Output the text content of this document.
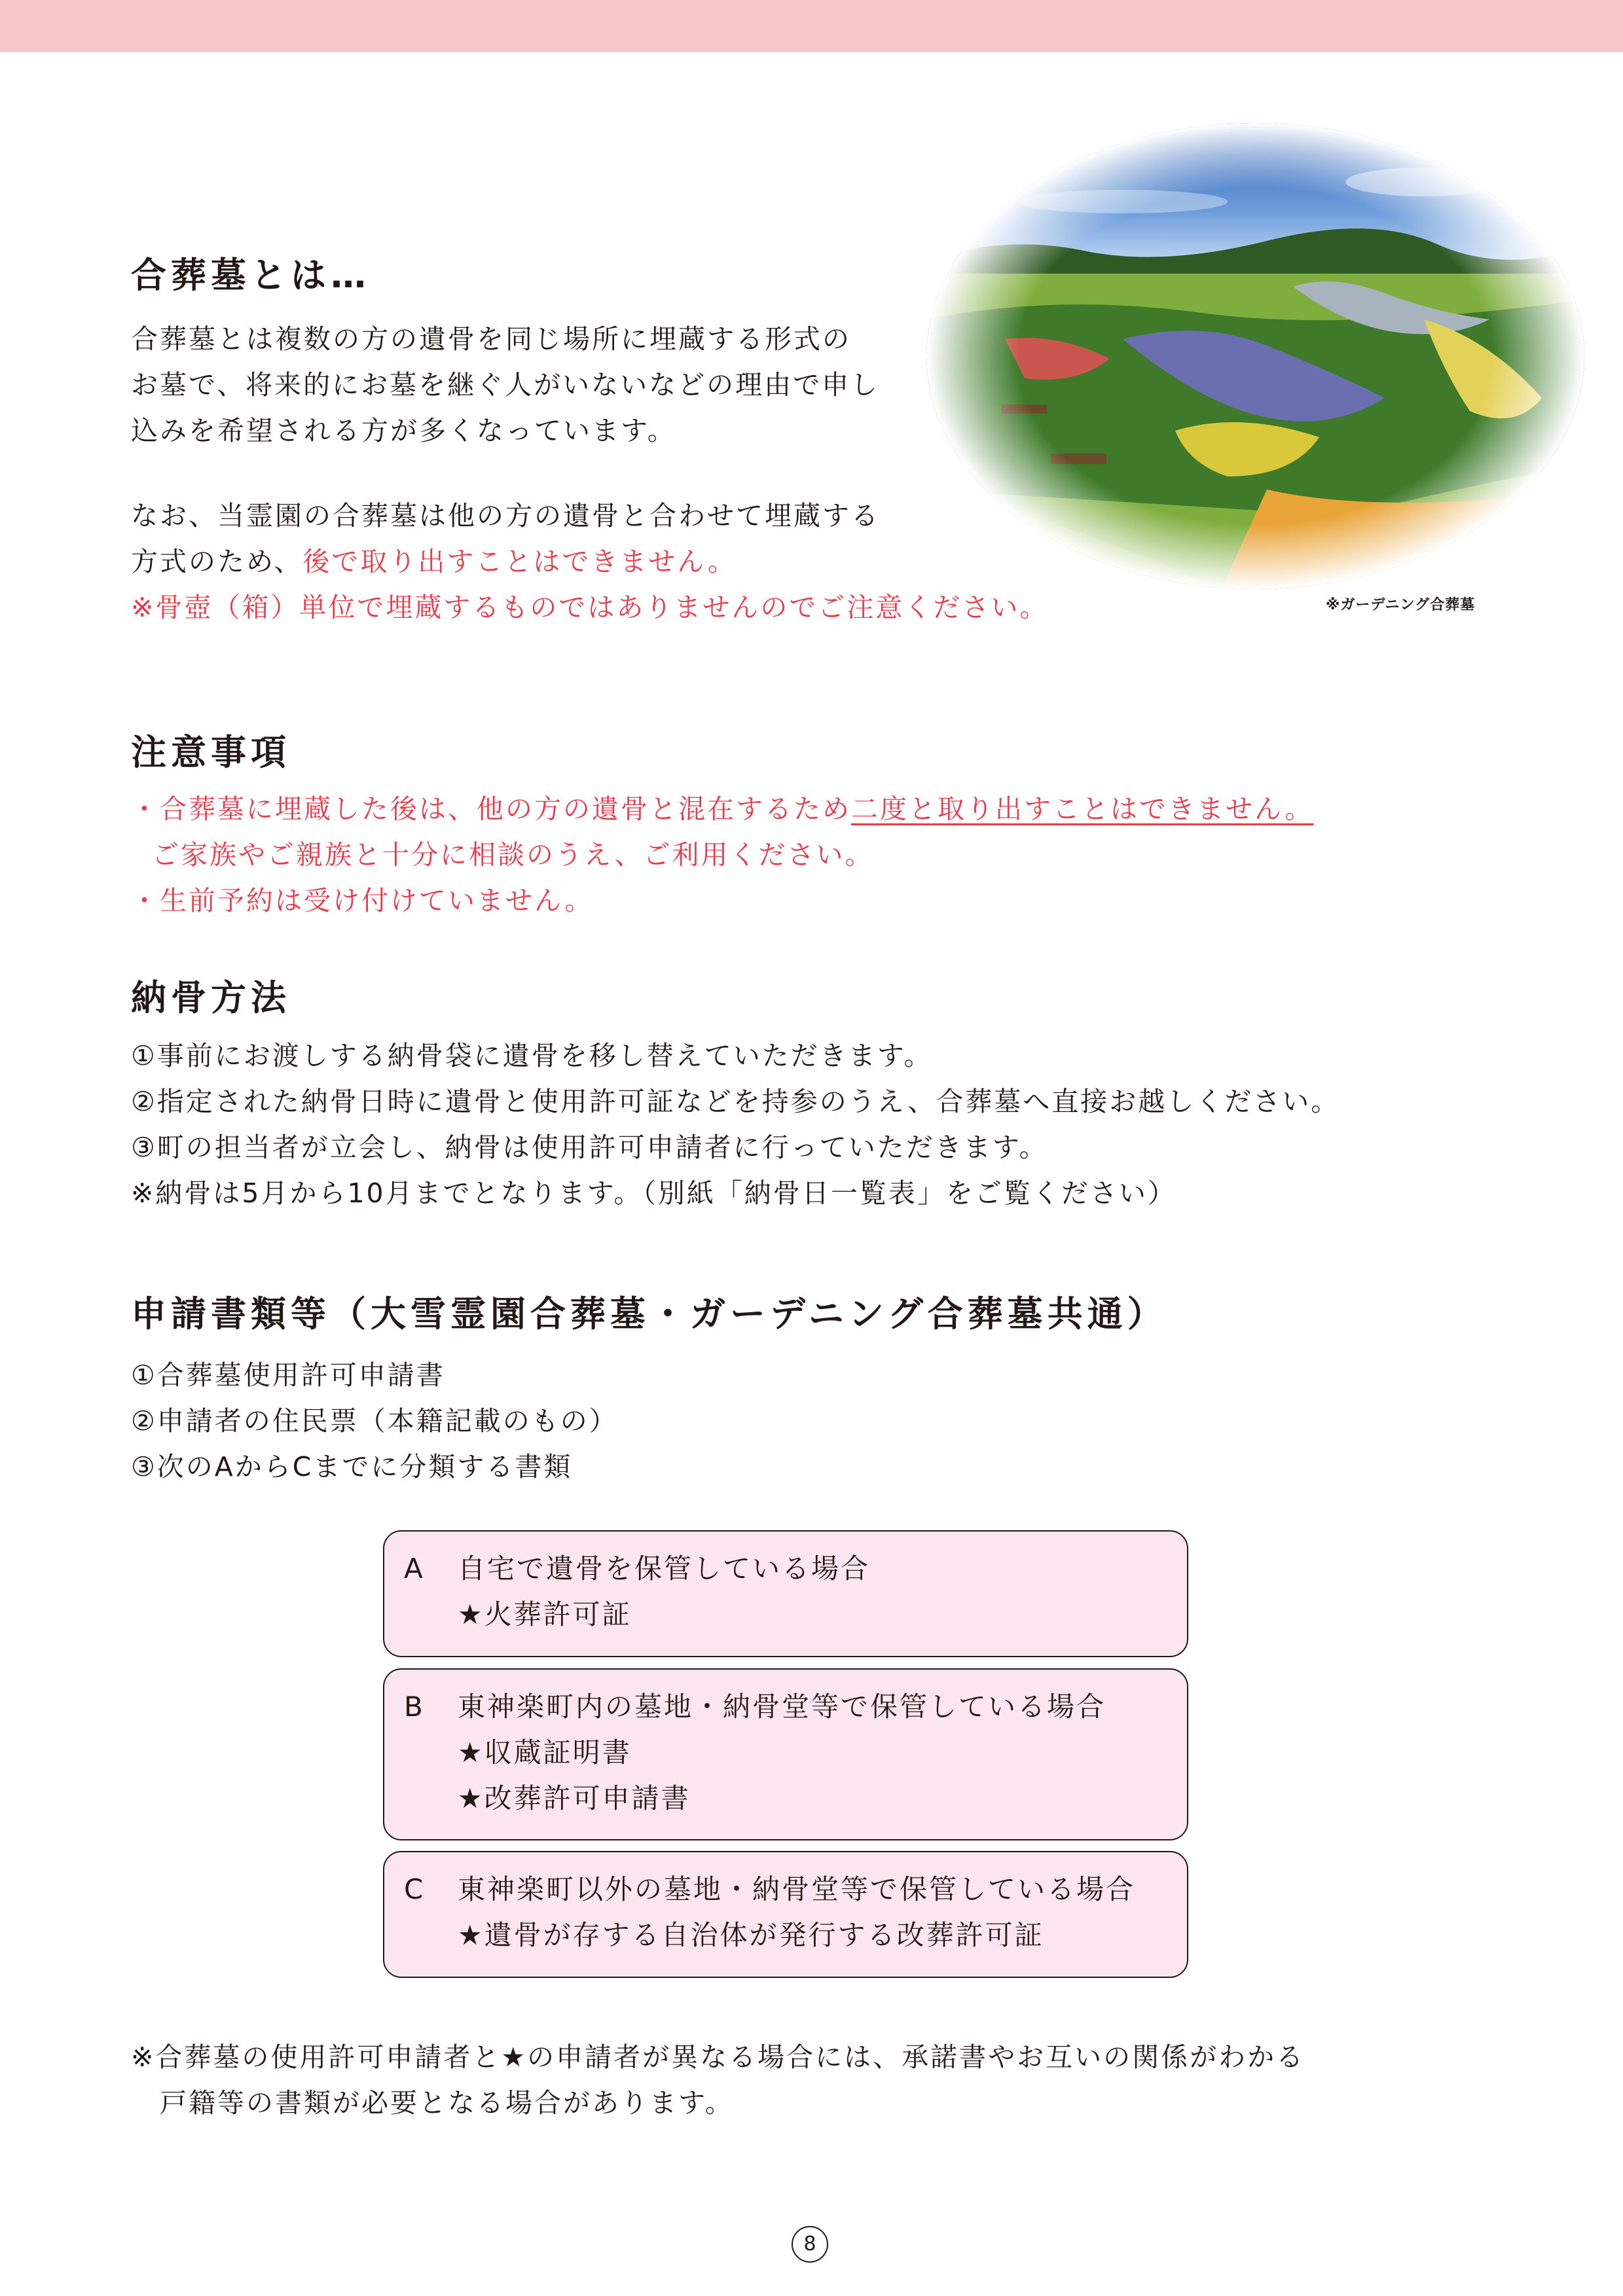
合葬墓とは…
合葬墓とは複数の方の遺骨を同じ場所に埋蔵する形式の
お墓で、将来的にお墓を継ぐ人がいないなどの理由で申し
込みを希望される方が多くなっています。
なお、当霊園の合葬墓は他の方の遺骨と合わせて埋蔵する
方式のため、後で取り出すことはできません。
※骨壺（箱）単位で埋蔵するものではありませんのでご注意ください。	※ガーデニング合葬墓
注意事項
・合葬墓に埋蔵した後は、他の方の遺骨と混在するため二度と取り出すことはできません。
ご家族やご親族と十分に相談のうえ、ご利用ください。
・生前予約は受け付けていません。
納骨方法
①事前にお渡しする納骨袋に遺骨を移し替えていただきます。
②指定された納骨日時に遺骨と使用許可証などを持参のうえ、合葬墓へ直接お越しください。
③町の担当者が立会し、納骨は使用許可申請者に行っていただきます。
※納骨は5月から10月までとなります。（別紙「納骨日一覧表」をご覧ください）
申請書類等（大雪霊園合葬墓・ガーデニング合葬墓共通）
①合葬墓使用許可申請書
②申請者の住民票（本籍記載のもの）
③次のAからCまでに分類する書類
A 自宅で遺骨を保管している場合
★火葬許可証
B 東神楽町内の墓地・納骨堂等で保管している場合
★収蔵証明書
★改葬許可申請書
C 東神楽町以外の墓地・納骨堂等で保管している場合
★遺骨が存する自治体が発行する改葬許可証
※合葬墓の使用許可申請者と★の申請者が異なる場合には、承諾書やお互いの関係がわかる
　戸籍等の書類が必要となる場合があります。
8
